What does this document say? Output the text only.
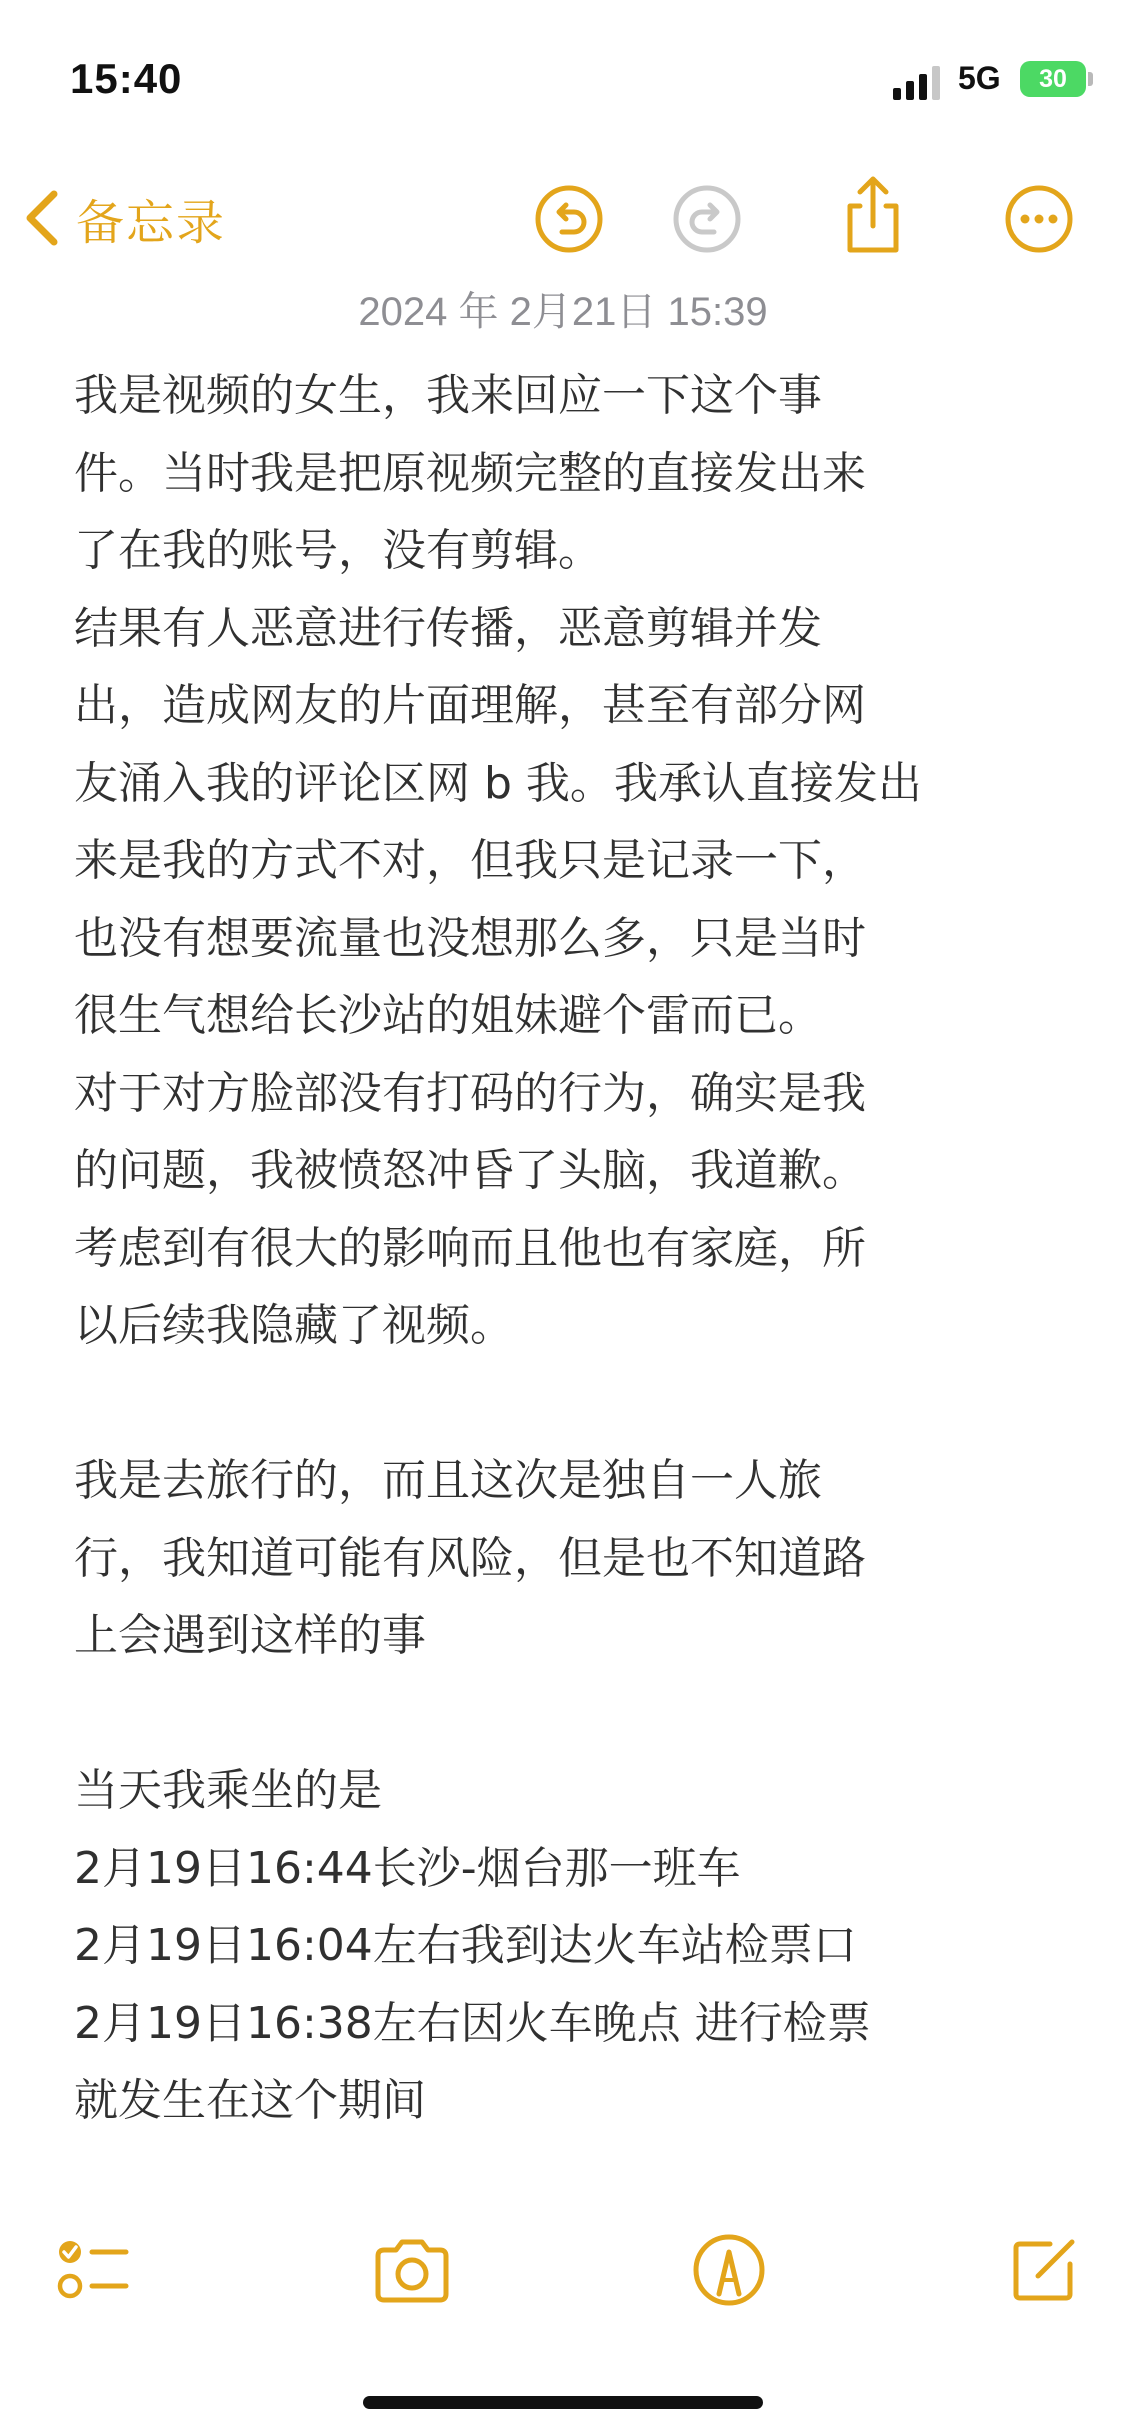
15:40	5G	30
备忘录
2024 年 2月21日 15:39
我是视频的女生，我来回应一下这个事
件。当时我是把原视频完整的直接发出来
了在我的账号，没有剪辑。
结果有人恶意进行传播，恶意剪辑并发
出，造成网友的片面理解，甚至有部分网
友涌入我的评论区网 b 我。我承认直接发出
来是我的方式不对，但我只是记录一下，
也没有想要流量也没想那么多，只是当时
很生气想给长沙站的姐妹避个雷而已。
对于对方脸部没有打码的行为，确实是我
的问题，我被愤怒冲昏了头脑，我道歉。
考虑到有很大的影响而且他也有家庭，所
以后续我隐藏了视频。
我是去旅行的，而且这次是独自一人旅
行，我知道可能有风险，但是也不知道路
上会遇到这样的事
当天我乘坐的是
2月19日16:44长沙-烟台那一班车
2月19日16:04左右我到达火车站检票口
2月19日16:38左右因火车晚点 进行检票
就发生在这个期间
